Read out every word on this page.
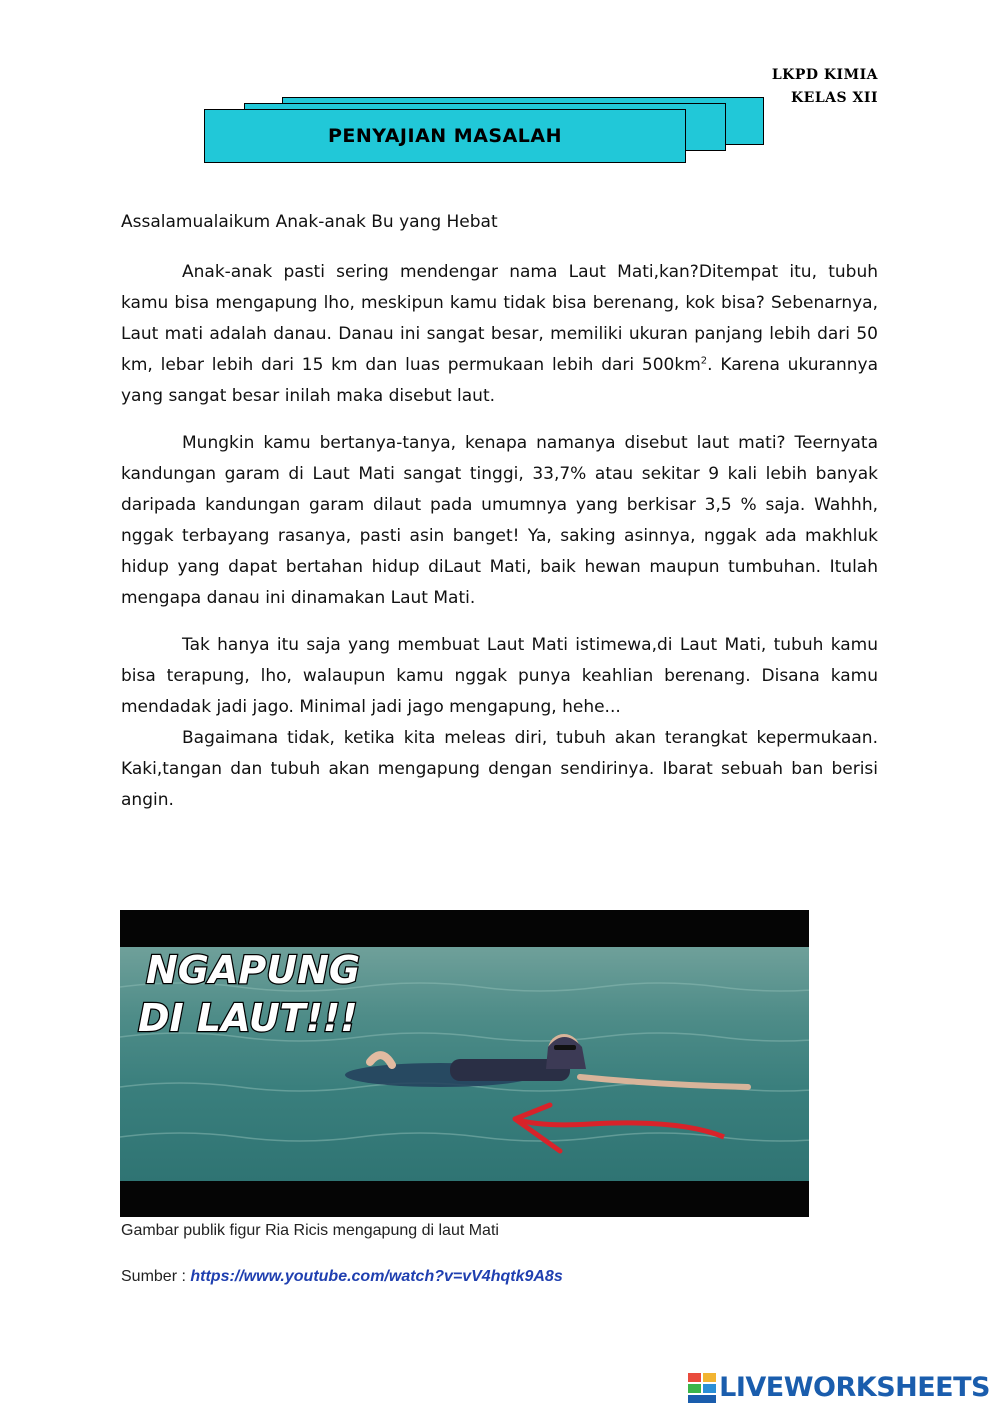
LKPD KIMIA
KELAS XII
PENYAJIAN MASALAH

Assalamualaikum Anak-anak Bu yang Hebat

Anak-anak pasti sering mendengar nama Laut Mati,kan?Ditempat itu, tubuh kamu bisa mengapung lho, meskipun kamu tidak bisa berenang, kok bisa? Sebenarnya, Laut mati adalah danau. Danau ini sangat besar, memiliki ukuran panjang lebih dari 50 km, lebar lebih dari 15 km dan luas permukaan lebih dari $500km^2$. Karena ukurannya yang sangat besar inilah maka disebut laut.

Mungkin kamu bertanya-tanya, kenapa namanya disebut laut mati? Teernyata kandungan garam di Laut Mati sangat tinggi, 33,7% atau sekitar 9 kali lebih banyak daripada kandungan garam dilaut pada umumnya yang berkisar 3,5 % saja. Wahhh, nggak terbayang rasanya, pasti asin banget! Ya, saking asinnya, nggak ada makhluk hidup yang dapat bertahan hidup diLaut Mati, baik hewan maupun tumbuhan. Itulah mengapa danau ini dinamakan Laut Mati.

Tak hanya itu saja yang membuat Laut Mati istimewa,di Laut Mati, tubuh kamu bisa terapung, lho, walaupun kamu nggak punya keahlian berenang. Disana kamu mendadak jadi jago. Minimal jadi jago mengapung, hehe...

Bagaimana tidak, ketika kita meleas diri, tubuh akan terangkat kepermukaan. Kaki,tangan dan tubuh akan mengapung dengan sendirinya. Ibarat sebuah ban berisi angin.

NGAPUNG
DI LAUT!!!
Gambar publik figur Ria Ricis mengapung di laut Mati
Sumber : https://www.youtube.com/watch?v=vV4hqtk9A8s
LIVEWORKSHEETS
